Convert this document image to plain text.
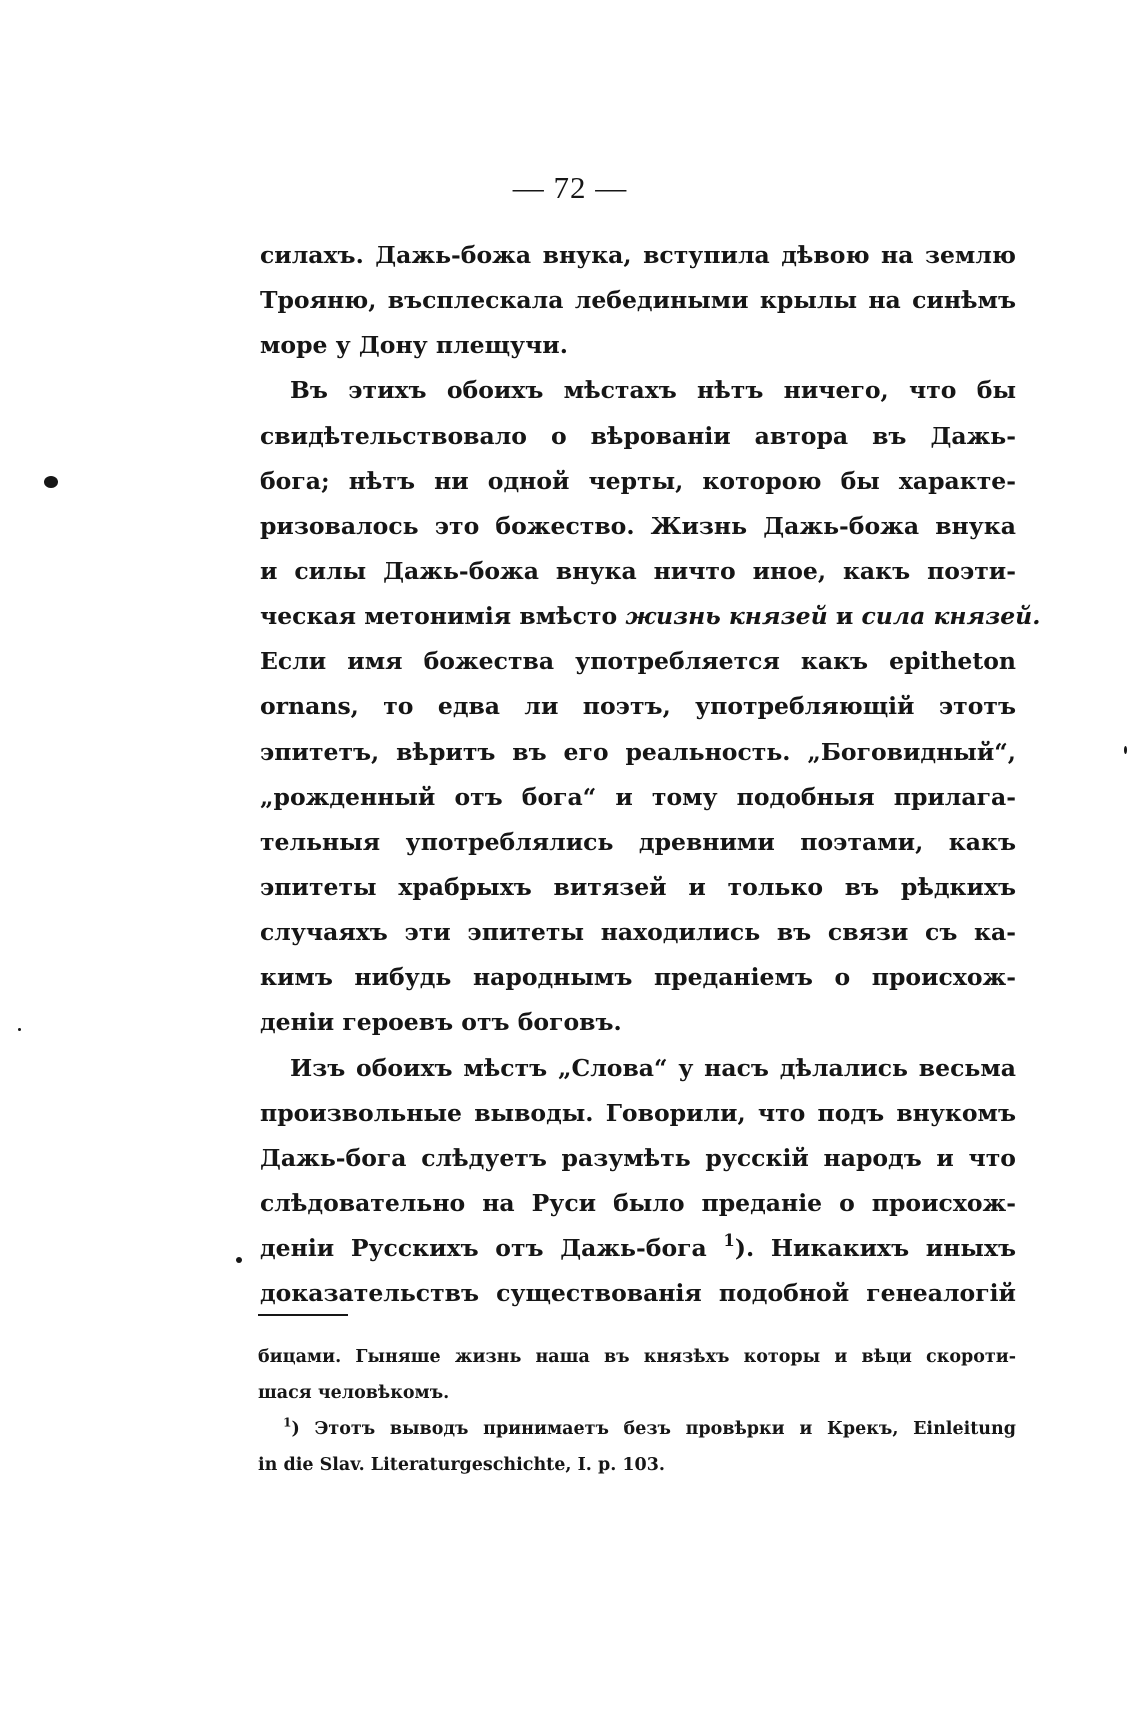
— 72 —
силахъ. Дажь-божа внука, вступила дѣвою на землю
Трояню, въсплескала лебедиными крылы на синѣмъ
море у Дону плещучи.
Въ этихъ обоихъ мѣстахъ нѣтъ ничего, что бы
свидѣтельствовало о вѣрованіи автора въ Дажь-
бога; нѣтъ ни одной черты, которою бы характе-
ризовалось это божество. Жизнь Дажь-божа внука
и силы Дажь-божа внука ничто иное, какъ поэти-
ческая метонимія вмѣсто жизнь князей и сила князей.
Если имя божества употребляется какъ epitheton
ornans, то едва ли поэтъ, употребляющій этотъ
эпитетъ, вѣритъ въ его реальность. „Боговидный“,
„рожденный отъ бога“ и тому подобныя прилага-
тельныя употреблялись древними поэтами, какъ
эпитеты храбрыхъ витязей и только въ рѣдкихъ
случаяхъ эти эпитеты находились въ связи съ ка-
кимъ нибудь народнымъ преданіемъ о происхож-
деніи героевъ отъ боговъ.
Изъ обоихъ мѣстъ „Слова“ у насъ дѣлались весьма
произвольные выводы. Говорили, что подъ внукомъ
Дажь-бога слѣдуетъ разумѣть русскій народъ и что
слѣдовательно на Руси было преданіе о происхож-
деніи Русскихъ отъ Дажь-бога $^1$). Никакихъ иныхъ
доказательствъ существованія подобной генеалогій
бицами. Гыняше жизнь наша въ князѣхъ которы и вѣци скороти-
шася человѣкомъ.
$^1$) Этотъ выводъ принимаетъ безъ провѣрки и Крекъ, Einleitung
in die Slav. Literaturgeschichte, I. p. 103.
